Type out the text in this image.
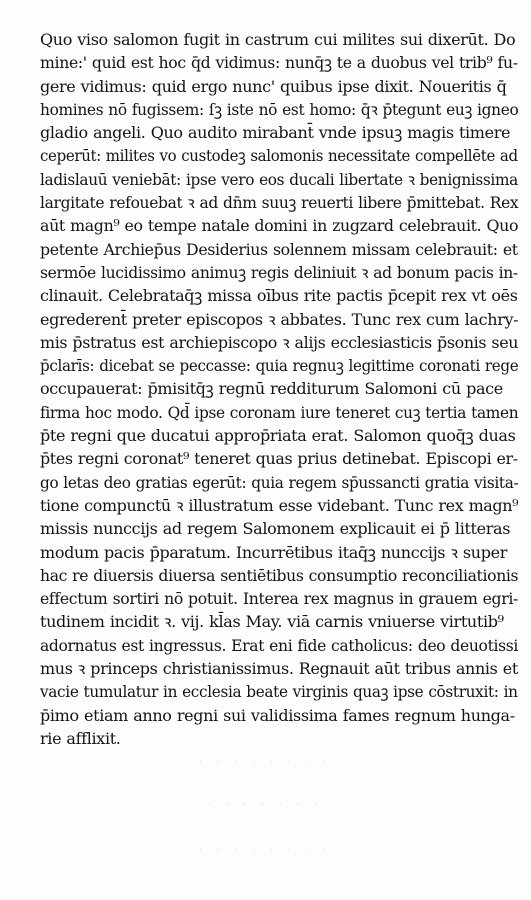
Quo viso salomon fugit in castrum cui milites sui dixerūt. Do
mine:' quid est hoc q̄d vidimus: nunq̄ꝫ te a duobus vel trib⁹ fu-
gere vidimus: quid ergo nunc' quibus ipse dixit. Noueritis q̄
homines nō fugissem: ſꝫ iste nō est homo: q̄ꝛ p̄tegunt euꝫ igneo
gladio angeli. Quo audito mirabant̄ vnde ipsuꝫ magis timere
ceperūt: milites vo custodeꝫ salomonis necessitate compellēte ad
ladislauū veniebāt: ipse vero eos ducali libertate ꝛ benignissima
largitate refouebat ꝛ ad dn̄m suuꝫ reuerti libere p̄mittebat. Rex
aūt magn⁹ eo tempe natale domini in zugzard celebrauit. Quo
petente Archiep̄us Desiderius solennem missam celebrauit: et
sermōe lucidissimo animuꝫ regis deliniuit ꝛ ad bonum pacis in-
clinauit. Celebrataq̄ꝫ missa oībus rite pactis p̄cepit rex vt oēs
egrederent̄ preter episcopos ꝛ abbates. Tunc rex cum lachry-
mis p̄stratus est archiepiscopo ꝛ alijs ecclesiasticis p̄sonis seu
p̄clarīs: dicebat se peccasse: quia regnuꝫ legittime coronati rege
occupauerat: p̄misitq̄ꝫ regnū redditurum Salomoni cū pace
firma hoc modo. Qd̄ ipse coronam iure teneret cuꝫ tertia tamen
p̄te regni que ducatui approp̄riata erat. Salomon quoq̄ꝫ duas
p̄tes regni coronat⁹ teneret quas prius detinebat. Episcopi er-
go letas deo gratias egerūt: quia regem sp̄ussancti gratia visita-
tione compunctū ꝛ illustratum esse videbant. Tunc rex magn⁹
missis nunccijs ad regem Salomonem explicauit ei p̄ litteras
modum pacis p̄paratum. Incurrētibus itaq̄ꝫ nunccijs ꝛ super
hac re diuersis diuersa sentiētibus consumptio reconciliationis
effectum sortiri nō potuit. Interea rex magnus in grauem egri-
tudinem incidit ꝛ. vij. kl̄as May. viā carnis vniuerse virtutib⁹
adornatus est ingressus. Erat eni fide catholicus: deo deuotissi
mus ꝛ princeps christianissimus. Regnauit aūt tribus annis et
vacie tumulatur in ecclesia beate virginis quaꝫ ipse cōstruxit: in
p̄imo etiam anno regni sui validissima fames regnum hunga-
rie afflixit.
· · · · · · · ·
· · · · · · ·
· · · · · · · ·
